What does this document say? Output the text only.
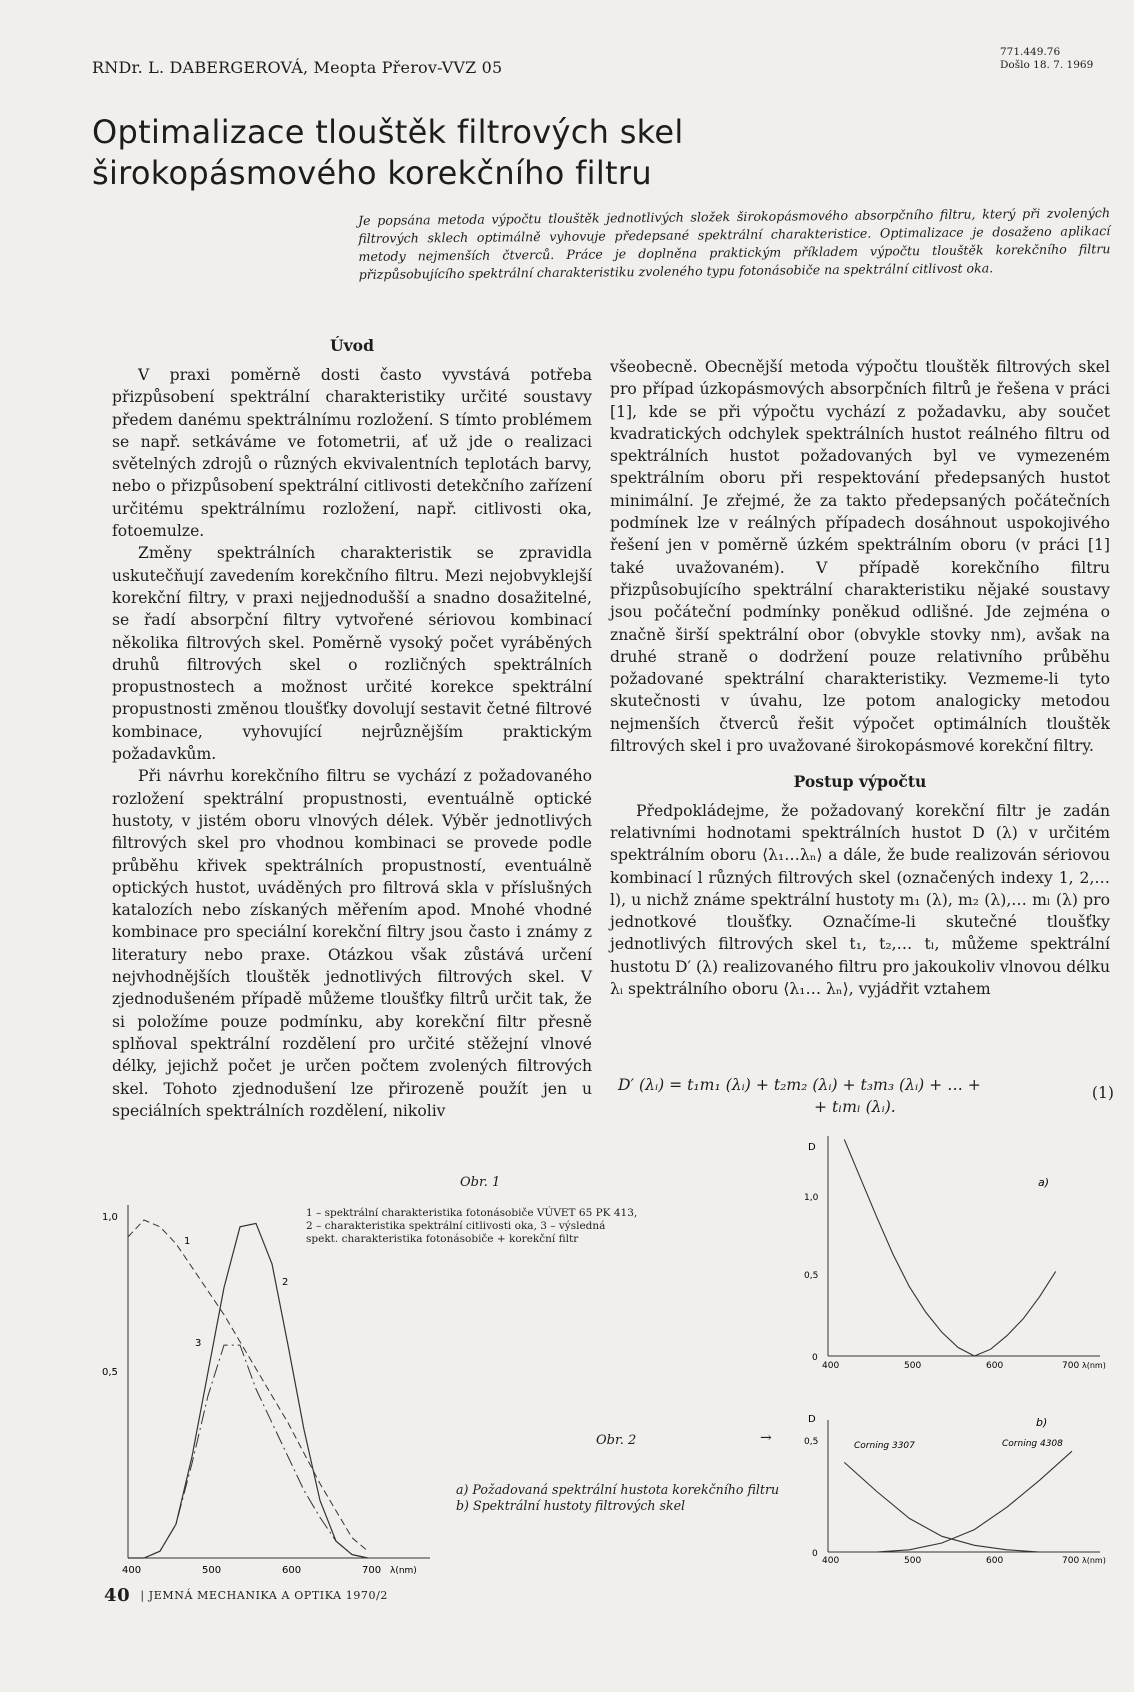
RNDr. L. DABERGEROVÁ, Meopta Přerov-VVZ 05
771.449.76
Došlo 18. 7. 1969
Optimalizace tlouštěk filtrových skel
širokopásmového korekčního filtru
Je popsána metoda výpočtu tlouštěk jednotlivých složek širokopásmového absorpčního filtru, který při zvolených filtrových sklech optimálně vyhovuje předepsané spektrální charakteristice. Optimalizace je dosaženo aplikací metody nejmenších čtverců. Práce je doplněna praktickým příkladem výpočtu tlouštěk korekčního filtru přizpůsobujícího spektrální charakteristiku zvoleného typu fotonásobiče na spektrální citlivost oka.
Úvod

V praxi poměrně dosti často vyvstává potřeba přizpůsobení spektrální charakteristiky určité soustavy předem danému spektrálnímu rozložení. S tímto problémem se např. setkáváme ve fotometrii, ať už jde o realizaci světelných zdrojů o různých ekvivalentních teplotách barvy, nebo o přizpůsobení spektrální citlivosti detekčního zařízení určitému spektrálnímu rozložení, např. citlivosti oka, fotoemulze.

Změny spektrálních charakteristik se zpravidla uskutečňují zavedením korekčního filtru. Mezi nejobvyklejší korekční filtry, v praxi nejjednodušší a snadno dosažitelné, se řadí absorpční filtry vytvořené sériovou kombinací několika filtrových skel. Poměrně vysoký počet vyráběných druhů filtrových skel o rozličných spektrálních propustnostech a možnost určité korekce spektrální propustnosti změnou tloušťky dovolují sestavit četné filtrové kombinace, vyhovující nejrůznějším praktickým požadavkům.

Při návrhu korekčního filtru se vychází z požadovaného rozložení spektrální propustnosti, eventuálně optické hustoty, v jistém oboru vlnových délek. Výběr jednotlivých filtrových skel pro vhodnou kombinaci se provede podle průběhu křivek spektrálních propustností, eventuálně optických hustot, uváděných pro filtrová skla v příslušných katalozích nebo získaných měřením apod. Mnohé vhodné kombinace pro speciální korekční filtry jsou často i známy z literatury nebo praxe. Otázkou však zůstává určení nejvhodnějších tlouštěk jednotlivých filtrových skel. V zjednodušeném případě můžeme tloušťky filtrů určit tak, že si položíme pouze podmínku, aby korekční filtr přesně splňoval spektrální rozdělení pro určité stěžejní vlnové délky, jejichž počet je určen počtem zvolených filtrových skel. Tohoto zjednodušení lze přirozeně použít jen u speciálních spektrálních rozdělení, nikoliv

všeobecně. Obecnější metoda výpočtu tlouštěk filtrových skel pro případ úzkopásmových absorpčních filtrů je řešena v práci [1], kde se při výpočtu vychází z požadavku, aby součet kvadratických odchylek spektrálních hustot reálného filtru od spektrálních hustot požadovaných byl ve vymezeném spektrálním oboru při respektování předepsaných hustot minimální. Je zřejmé, že za takto předepsaných počátečních podmínek lze v reálných případech dosáhnout uspokojivého řešení jen v poměrně úzkém spektrálním oboru (v práci [1] také uvažovaném). V případě korekčního filtru přizpůsobujícího spektrální charakteristiku nějaké soustavy jsou počáteční podmínky poněkud odlišné. Jde zejména o značně širší spektrální obor (obvykle stovky nm), avšak na druhé straně o dodržení pouze relativního průběhu požadované spektrální charakteristiky. Vezmeme-li tyto skutečnosti v úvahu, lze potom analogicky metodou nejmenších čtverců řešit výpočet optimálních tlouštěk filtrových skel i pro uvažované širokopásmové korekční filtry.

Postup výpočtu

Předpokládejme, že požadovaný korekční filtr je zadán relativními hodnotami spektrálních hustot D (λ) v určitém spektrálním oboru ⟨λ₁…λₙ⟩ a dále, že bude realizován sériovou kombinací l různých filtrových skel (označených indexy 1, 2,…l), u nichž známe spektrální hustoty m₁ (λ), m₂ (λ),… mₗ (λ) pro jednotkové tloušťky. Označíme-li skutečné tloušťky jednotlivých filtrových skel t₁, t₂,… tₗ, můžeme spektrální hustotu D′ (λ) realizovaného filtru pro jakoukoliv vlnovou délku λᵢ spektrálního oboru ⟨λ₁… λₙ⟩, vyjádřit vztahem

D′ (λᵢ) = t₁m₁ (λᵢ) + t₂m₂ (λᵢ) + t₃m₃ (λᵢ) + … +
+ tₗmₗ (λᵢ).
(1)
1,0
0,5
400	500	600	700 λ(nm)
1
2
3
Obr. 1
1 – spektrální charakteristika fotonásobiče VÚVET 65 PK 413, 2 – charakteristika spektrální citlivosti oka, 3 – výsledná spekt. charakteristika fotonásobiče + korekční filtr
D
1,0
0,5
0
400	500	600	700 λ(nm)
a)
D
0,5
0
400	500	600	700 λ(nm)
b)
Corning 3307	Corning 4308
Obr. 2	→
a) Požadovaná spektrální hustota korekčního filtru
b) Spektrální hustoty filtrových skel
40 | JEMNÁ MECHANIKA A OPTIKA 1970/2
